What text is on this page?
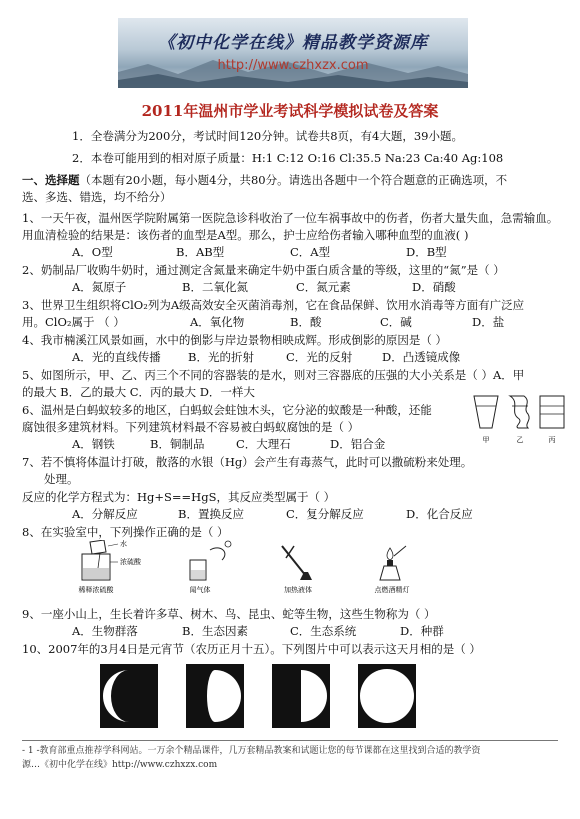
《初中化学在线》精品教学资源库
http://www.czhxzx.com
2011年温州市学业考试科学模拟试卷及答案
1．全卷满分为200分，考试时间120分钟。试卷共8页，有4大题，39小题。
2．本卷可能用到的相对原子质量：H:1 C:12 O:16 Cl:35.5 Na:23 Ca:40 Ag:108
一、选择题（本题有20小题，每小题4分，共80分。请选出各题中一个符合题意的正确选项，不
选、多选、错选，均不给分）
1、一天午夜，温州医学院附属第一医院急诊科收治了一位车祸事故中的伤者，伤者大量失血，急需输血。
用血清检验的结果是：该伤者的血型是A型。那么，护士应给伤者输入哪种血型的血液( )
A．O型	B．AB型	C．A型	D．B型
2、奶制品厂收购牛奶时，通过测定含氮量来确定牛奶中蛋白质含量的等级，这里的“氮”是（ ）
A．氮原子	B．二氧化氮	C．氮元素	D．硝酸
3、世界卫生组织将ClO₂列为A级高效安全灭菌消毒剂，它在食品保鲜、饮用水消毒等方面有广泛应
用。ClO₂属于 （ ）	A．氧化物	B．酸	C．碱	D．盐
4、我市楠溪江风景如画，水中的倒影与岸边景物相映成辉。形成倒影的原因是（ ）
A．光的直线传播 B．光的折射	C．光的反射	D．凸透镜成像
5、如图所示，甲、乙、丙三个不同的容器装的是水，则对三容器底的压强的大小关系是（ ）A．甲
的最大 B．乙的最大 C．丙的最大 D．一样大
甲	乙	丙
6、温州是白蚂蚁较多的地区，白蚂蚁会蛀蚀木头，它分泌的蚁酸是一种酸，还能
腐蚀很多建筑材料。下列建筑材料最不容易被白蚂蚁腐蚀的是（ ）
A．钢铁	B．铜制品	C．大理石	D．铝合金
7、若不慎将体温计打破，散落的水银（Hg）会产生有毒蒸气，此时可以撒硫粉来处理。
处理。
反应的化学方程式为：Hg+S==HgS，其反应类型属于（ ）
A．分解反应	B．置换反应	C．复分解反应	D．化合反应
8、在实验室中，下列操作正确的是（ ）
水
浓硫酸
稀释浓硫酸	闻气体	加热液体	点燃酒精灯
9、一座小山上，生长着许多草、树木、鸟、昆虫、蛇等生物，这些生物称为（ ）
A．生物群落	B．生态因素	C．生态系统	D．种群
10、2007年的3月4日是元宵节（农历正月十五）。下列图片中可以表示这天月相的是（ ）
- 1 -教育部重点推荐学科网站。一万余个精品课件，几万套精品教案和试题让您的每节课都在这里找到合适的教学资
源…《初中化学在线》http://www.czhxzx.com
